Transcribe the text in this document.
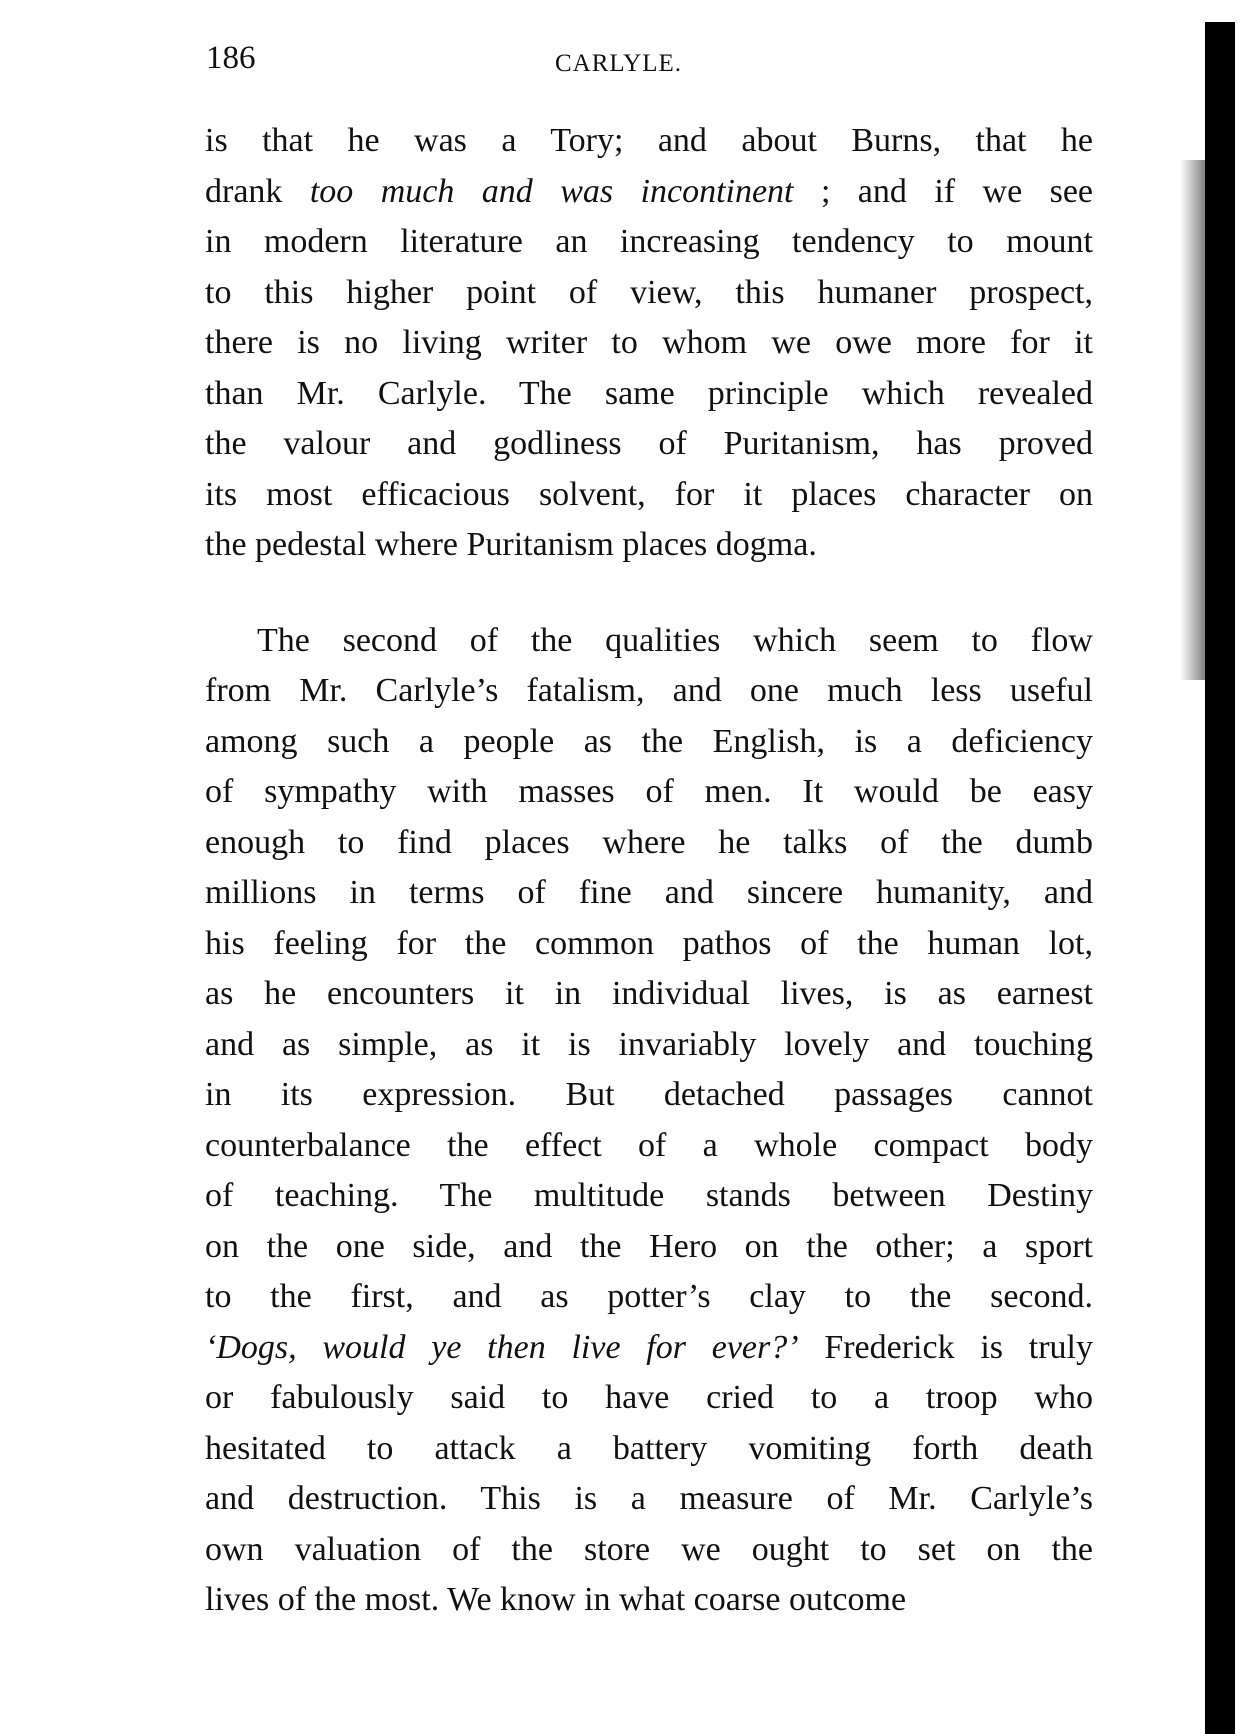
186	CARLYLE.
is that he was a Tory; and about Burns, that he
drank too much and was incontinent ; and if we see
in modern literature an increasing tendency to mount
to this higher point of view, this humaner prospect,
there is no living writer to whom we owe more for it
than Mr. Carlyle. The same principle which revealed
the valour and godliness of Puritanism, has proved
its most efficacious solvent, for it places character on
the pedestal where Puritanism places dogma.
The second of the qualities which seem to flow
from Mr. Carlyle’s fatalism, and one much less useful
among such a people as the English, is a deficiency
of sympathy with masses of men. It would be easy
enough to find places where he talks of the dumb
millions in terms of fine and sincere humanity, and
his feeling for the common pathos of the human lot,
as he encounters it in individual lives, is as earnest
and as simple, as it is invariably lovely and touching
in its expression. But detached passages cannot
counterbalance the effect of a whole compact body
of teaching. The multitude stands between Destiny
on the one side, and the Hero on the other; a sport
to the first, and as potter’s clay to the second.
‘Dogs, would ye then live for ever?’ Frederick is truly
or fabulously said to have cried to a troop who
hesitated to attack a battery vomiting forth death
and destruction. This is a measure of Mr. Carlyle’s
own valuation of the store we ought to set on the
lives of the most. We know in what coarse outcome
